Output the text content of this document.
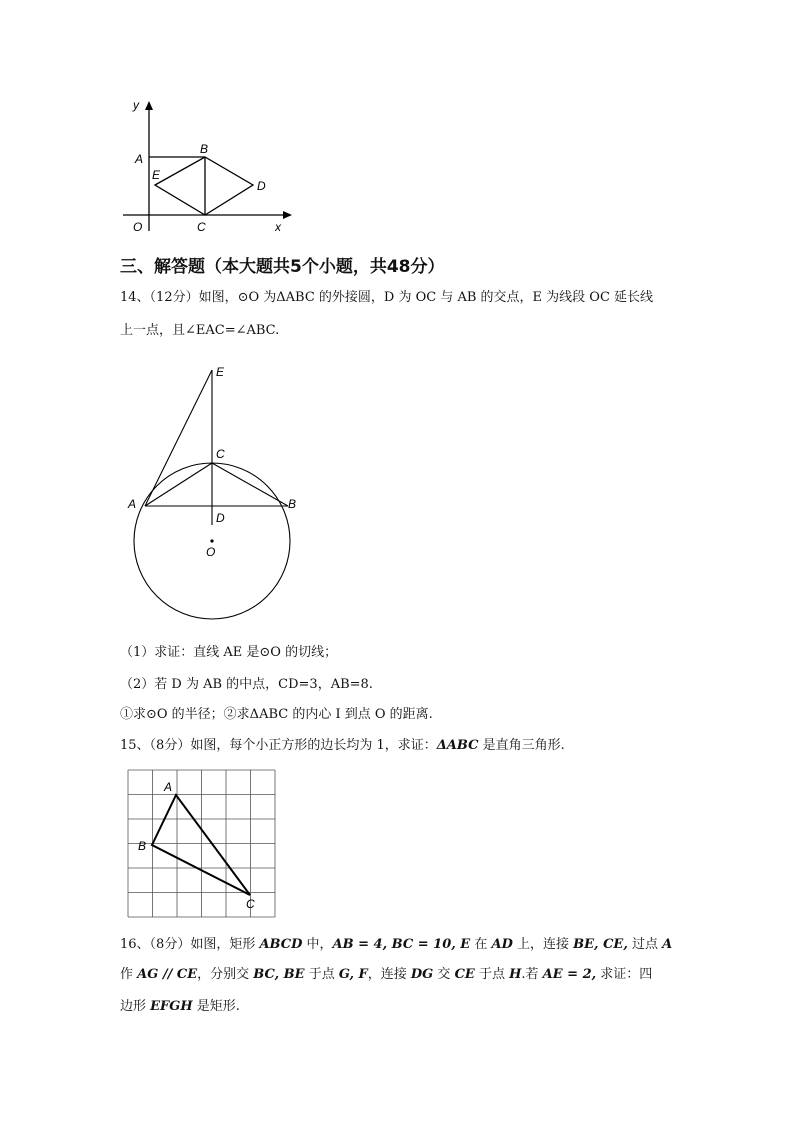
y
x
O
A
B
C
D
E
三、解答题（本大题共5个小题，共48分）
14、（12分）如图，⊙O 为ΔABC 的外接圆，D 为 OC 与 AB 的交点，E 为线段 OC 延长线
上一点，且∠EAC=∠ABC.
E
C
A	B
D
O
（1）求证：直线 AE 是⊙O 的切线；
（2）若 D 为 AB 的中点，CD=3，AB=8.
①求⊙O 的半径；②求ΔABC 的内心 I 到点 O 的距离.
15、（8分）如图，每个小正方形的边长均为 1，求证：ΔABC 是直角三角形.
A
B
C
16、（8分）如图，矩形 ABCD 中，AB = 4, BC = 10, E 在 AD 上，连接 BE, CE, 过点 A
作 AG // CE，分别交 BC, BE 于点 G, F，连接 DG 交 CE 于点 H.若 AE = 2, 求证：四
边形 EFGH 是矩形.
